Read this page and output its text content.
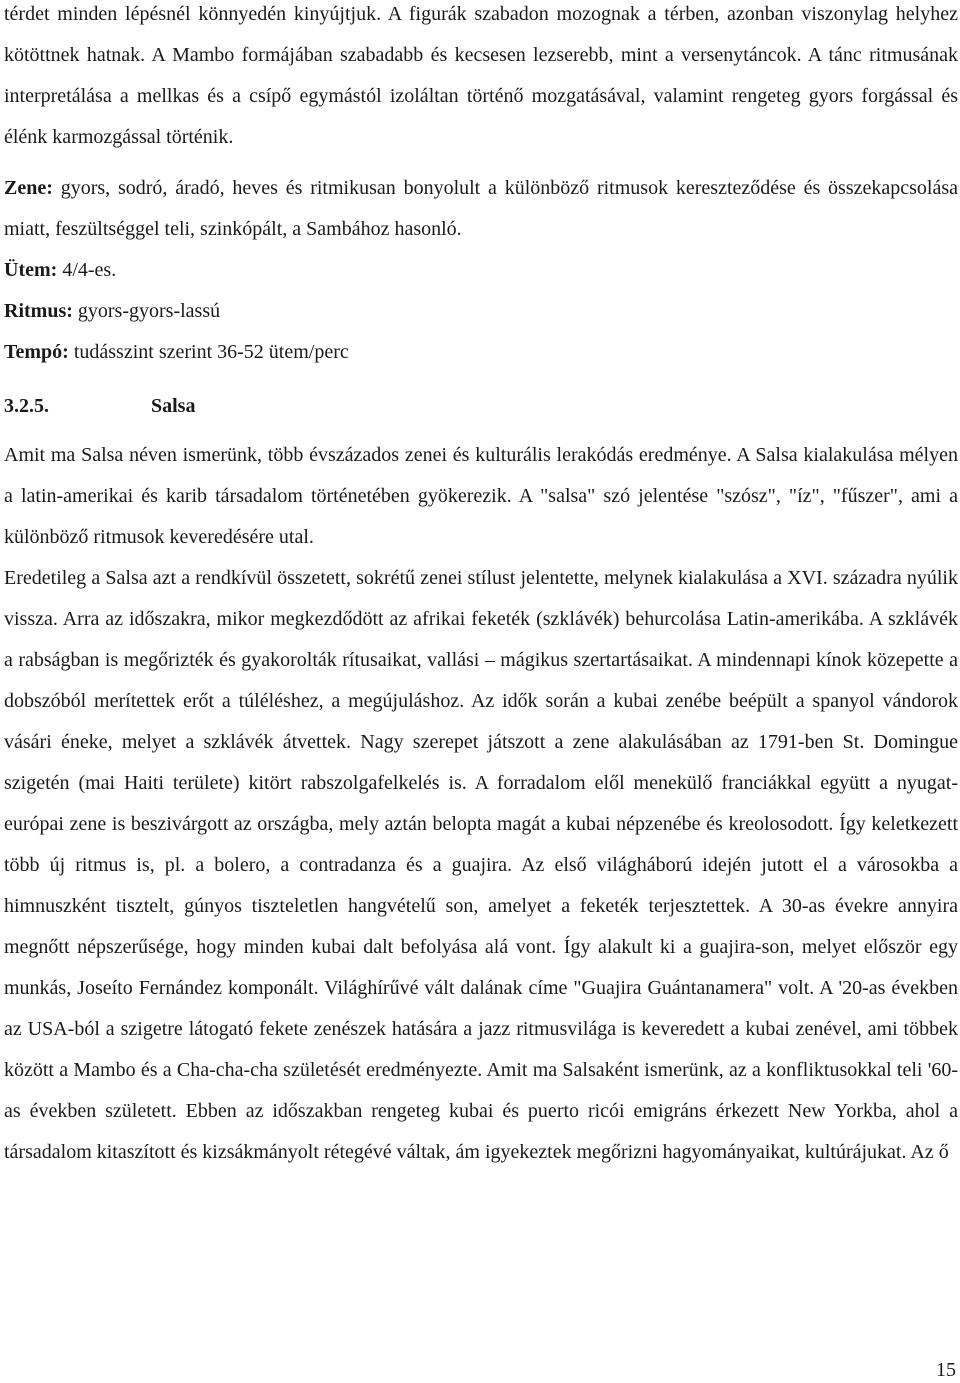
térdet minden lépésnél könnyedén kinyújtjuk. A figurák szabadon mozognak a térben, azonban viszonylag helyhez kötöttnek hatnak. A Mambo formájában szabadabb és kecsesen lezserebb, mint a versenytáncok. A tánc ritmusának interpretálása a mellkas és a csípő egymástól izoláltan történő mozgatásával, valamint rengeteg gyors forgással és élénk karmozgással történik.

Zene: gyors, sodró, áradó, heves és ritmikusan bonyolult a különböző ritmusok kereszteződése és összekapcsolása miatt, feszültséggel teli, szinkópált, a Sambához hasonló.

Ütem: 4/4-es.

Ritmus: gyors-gyors-lassú

Tempó: tudásszint szerint 36-52 ütem/perc

3.2.5.	Salsa

Amit ma Salsa néven ismerünk, több évszázados zenei és kulturális lerakódás eredménye. A Salsa kialakulása mélyen a latin-amerikai és karib társadalom történetében gyökerezik. A "salsa" szó jelentése "szósz", "íz", "fűszer", ami a különböző ritmusok keveredésére utal.

Eredetileg a Salsa azt a rendkívül összetett, sokrétű zenei stílust jelentette, melynek kialakulása a XVI. századra nyúlik vissza. Arra az időszakra, mikor megkezdődött az afrikai feketék (szklávék) behurcolása Latin-amerikába. A szklávék a rabságban is megőrizték és gyakorolták rítusaikat, vallási – mágikus szertartásaikat. A mindennapi kínok közepette a dobszóból merítettek erőt a túléléshez, a megújuláshoz. Az idők során a kubai zenébe beépült a spanyol vándorok vásári éneke, melyet a szklávék átvettek. Nagy szerepet játszott a zene alakulásában az 1791-ben St. Domingue szigetén (mai Haiti területe) kitört rabszolgafelkelés is. A forradalom elől menekülő franciákkal együtt a nyugat-európai zene is beszivárgott az országba, mely aztán belopta magát a kubai népzenébe és kreolosodott. Így keletkezett több új ritmus is, pl. a bolero, a contradanza és a guajira. Az első világháború idején jutott el a városokba a himnuszként tisztelt, gúnyos tiszteletlen hangvételű son, amelyet a feketék terjesztettek. A 30-as évekre annyira megnőtt népszerűsége, hogy minden kubai dalt befolyása alá vont. Így alakult ki a guajira-son, melyet először egy munkás, Joseíto Fernández komponált. Világhírűvé vált dalának címe "Guajira Guántanamera" volt. A '20-as években az USA-ból a szigetre látogató fekete zenészek hatására a jazz ritmusvilága is keveredett a kubai zenével, ami többek között a Mambo és a Cha-cha-cha születését eredményezte. Amit ma Salsaként ismerünk, az a konfliktusokkal teli '60-as években született. Ebben az időszakban rengeteg kubai és puerto ricói emigráns érkezett New Yorkba, ahol a társadalom kitaszított és kizsákmányolt rétegévé váltak, ám igyekeztek megőrizni hagyományaikat, kultúrájukat. Az ő

15
